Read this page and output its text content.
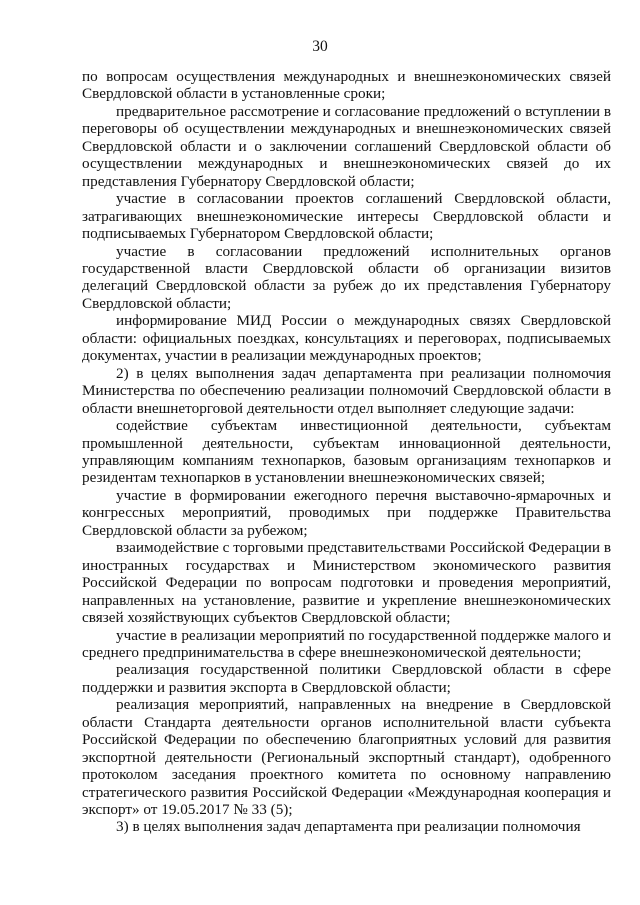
30

по вопросам осуществления международных и внешнеэкономических связей Свердловской области в установленные сроки;

предварительное рассмотрение и согласование предложений о вступлении в переговоры об осуществлении международных и внешнеэкономических связей Свердловской области и о заключении соглашений Свердловской области об осуществлении международных и внешнеэкономических связей до их представления Губернатору Свердловской области;

участие в согласовании проектов соглашений Свердловской области, затрагивающих внешнеэкономические интересы Свердловской области и подписываемых Губернатором Свердловской области;

участие в согласовании предложений исполнительных органов государственной власти Свердловской области об организации визитов делегаций Свердловской области за рубеж до их представления Губернатору Свердловской области;

информирование МИД России о международных связях Свердловской области: официальных поездках, консультациях и переговорах, подписываемых документах, участии в реализации международных проектов;

2) в целях выполнения задач департамента при реализации полномочия Министерства по обеспечению реализации полномочий Свердловской области в области внешнеторговой деятельности отдел выполняет следующие задачи:

содействие субъектам инвестиционной деятельности, субъектам промышленной деятельности, субъектам инновационной деятельности, управляющим компаниям технопарков, базовым организациям технопарков и резидентам технопарков в установлении внешнеэкономических связей;

участие в формировании ежегодного перечня выставочно-ярмарочных и конгрессных мероприятий, проводимых при поддержке Правительства Свердловской области за рубежом;

взаимодействие с торговыми представительствами Российской Федерации в иностранных государствах и Министерством экономического развития Российской Федерации по вопросам подготовки и проведения мероприятий, направленных на установление, развитие и укрепление внешнеэкономических связей хозяйствующих субъектов Свердловской области;

участие в реализации мероприятий по государственной поддержке малого и среднего предпринимательства в сфере внешнеэкономической деятельности;

реализация государственной политики Свердловской области в сфере поддержки и развития экспорта в Свердловской области;

реализация мероприятий, направленных на внедрение в Свердловской области Стандарта деятельности органов исполнительной власти субъекта Российской Федерации по обеспечению благоприятных условий для развития экспортной деятельности (Региональный экспортный стандарт), одобренного протоколом заседания проектного комитета по основному направлению стратегического развития Российской Федерации «Международная кооперация и экспорт» от 19.05.2017 № 33 (5);

3) в целях выполнения задач департамента при реализации полномочия
